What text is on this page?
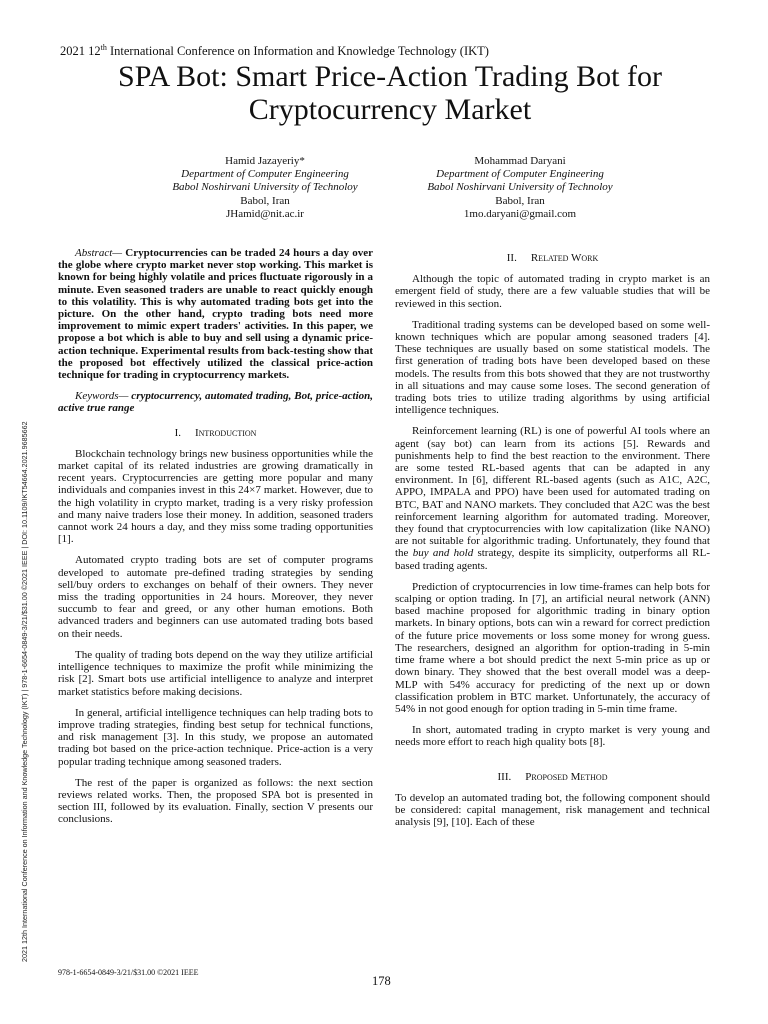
2021 12th International Conference on Information and Knowledge Technology (IKT)
SPA Bot: Smart Price-Action Trading Bot for
Cryptocurrency Market
Hamid Jazayeriy*
Department of Computer Engineering
Babol Noshirvani University of Technoloy
Babol, Iran
JHamid@nit.ac.ir
Mohammad Daryani
Department of Computer Engineering
Babol Noshirvani University of Technoloy
Babol, Iran
1mo.daryani@gmail.com
2021 12th International Conference on Information and Knowledge Technology (IKT) | 978-1-6654-0849-3/21/$31.00 ©2021 IEEE | DOI: 10.1109/IKT54664.2021.9685662

Abstract— Cryptocurrencies can be traded 24 hours a day over the globe where crypto market never stop working. This market is known for being highly volatile and prices fluctuate rigorously in a minute. Even seasoned traders are unable to react quickly enough to this volatility. This is why automated trading bots get into the picture. On the other hand, crypto trading bots need more improvement to mimic expert traders' activities. In this paper, we propose a bot which is able to buy and sell using a dynamic price-action technique. Experimental results from back-testing show that the proposed bot effectively utilized the classical price-action technique for trading in cryptocurrency markets.

Keywords— cryptocurrency, automated trading, Bot, price-action, active true range

I. Introduction

Blockchain technology brings new business opportunities while the market capital of its related industries are growing dramatically in recent years. Cryptocurrencies are getting more popular and many individuals and companies invest in this 24×7 market. However, due to the high volatility in crypto market, trading is a very risky profession and many naive traders lose their money. In addition, seasoned traders cannot work 24 hours a day, and they miss some trading opportunities [1].

Automated crypto trading bots are set of computer programs developed to automate pre-defined trading strategies by sending sell/buy orders to exchanges on behalf of their owners. They never miss the trading opportunities in 24 hours. Moreover, they never succumb to fear and greed, or any other human emotions. Both advanced traders and beginners can use automated trading bots based on their needs.

The quality of trading bots depend on the way they utilize artificial intelligence techniques to maximize the profit while minimizing the risk [2]. Smart bots use artificial intelligence to analyze and interpret market statistics before making decisions.

In general, artificial intelligence techniques can help trading bots to improve trading strategies, finding best setup for technical functions, and risk management [3]. In this study, we propose an automated trading bot based on the price-action technique. Price-action is a very popular trading technique among seasoned traders.

The rest of the paper is organized as follows: the next section reviews related works. Then, the proposed SPA bot is presented in section III, followed by its evaluation. Finally, section V presents our conclusions.

II. Related Work

Although the topic of automated trading in crypto market is an emergent field of study, there are a few valuable studies that will be reviewed in this section.

Traditional trading systems can be developed based on some well-known techniques which are popular among seasoned traders [4]. These techniques are usually based on some statistical models. The first generation of trading bots have been developed based on these models. The results from this bots showed that they are not trustworthy in all situations and may cause some loses. The second generation of trading bots tries to utilize trading algorithms by using artificial intelligence techniques.

Reinforcement learning (RL) is one of powerful AI tools where an agent (say bot) can learn from its actions [5]. Rewards and punishments help to find the best reaction to the environment. There are some tested RL-based agents that can be adapted in any environment. In [6], different RL-based agents (such as A1C, A2C, APPO, IMPALA and PPO) have been used for automated trading on BTC, BAT and NANO markets. They concluded that A2C was the best reinforcement learning algorithm for automated trading. Moreover, they found that cryptocurrencies with low capitalization (like NANO) are not suitable for algorithmic trading. Unfortunately, they found that the buy and hold strategy, despite its simplicity, outperforms all RL-based trading agents.

Prediction of cryptocurrencies in low time-frames can help bots for scalping or option trading. In [7], an artificial neural network (ANN) based machine proposed for algorithmic trading in binary option markets. In binary options, bots can win a reward for correct prediction of the future price movements or loss some money for wrong guess. The researchers, designed an algorithm for option-trading in 5-min time frame where a bot should predict the next 5-min price as up or down binary. They showed that the best overall model was a deep-MLP with 54% accuracy for predicting of the next up or down classification problem in BTC market. Unfortunately, the accuracy of 54% in not good enough for option trading in 5-min time frame.

In short, automated trading in crypto market is very young and needs more effort to reach high quality bots [8].

III. Proposed Method

To develop an automated trading bot, the following component should be considered: capital management, risk management and technical analysis [9], [10]. Each of these

978-1-6654-0849-3/21/$31.00 ©2021 IEEE
178
